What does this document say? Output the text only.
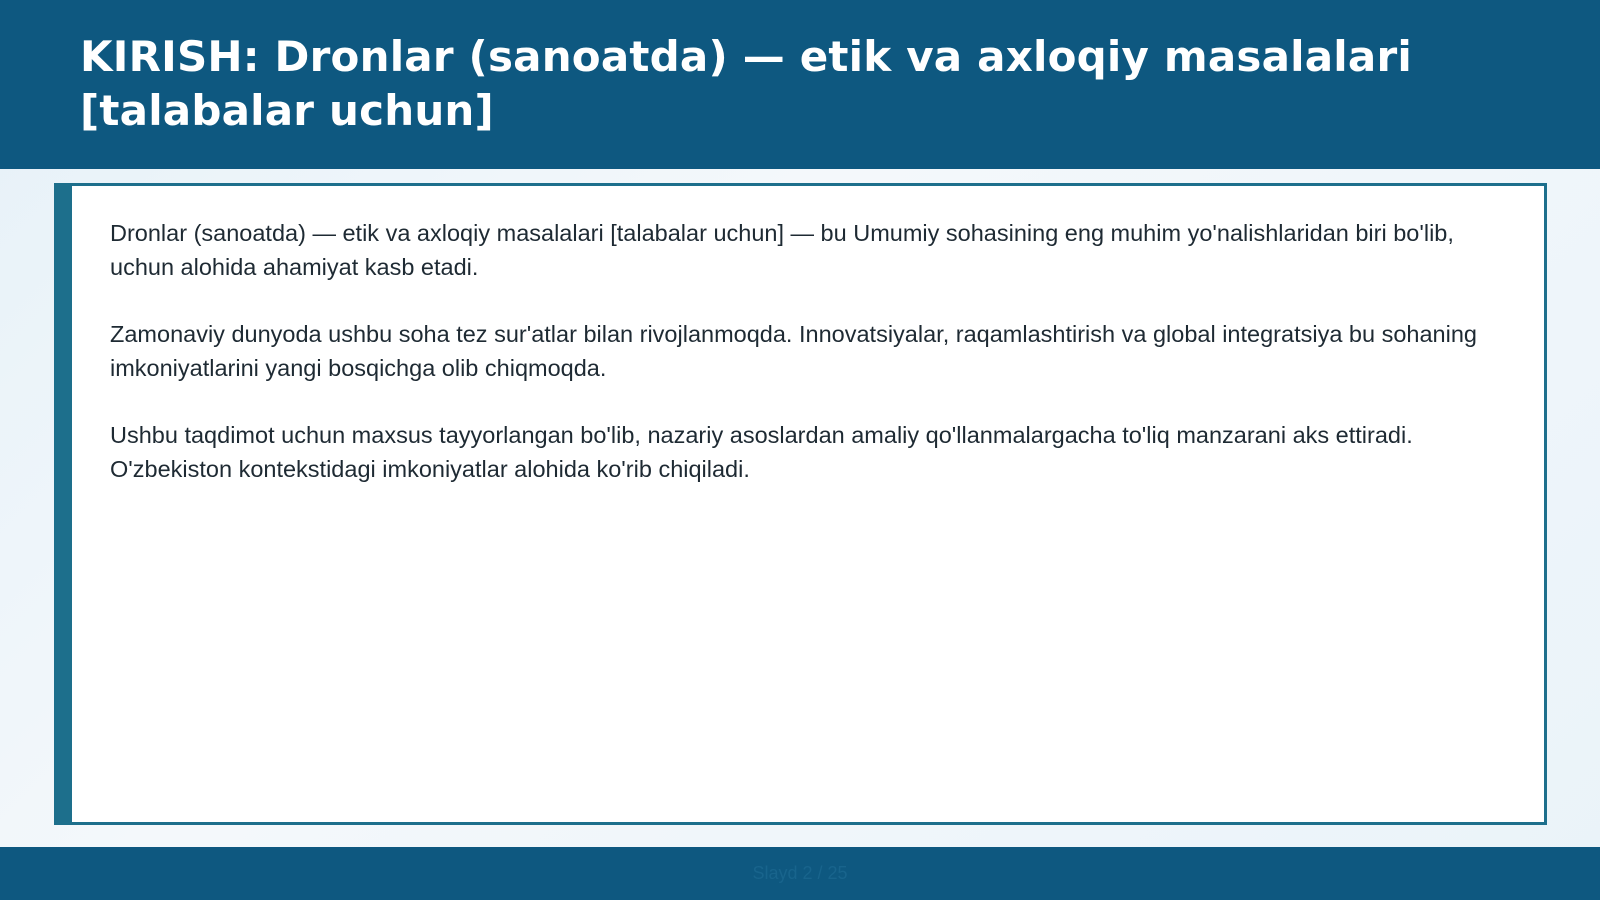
KIRISH: Dronlar (sanoatda) — etik va axloqiy masalalari [talabalar uchun]

Dronlar (sanoatda) — etik va axloqiy masalalari [talabalar uchun] — bu Umumiy sohasining eng muhim yo'nalishlaridan biri bo'lib, uchun alohida ahamiyat kasb etadi.

Zamonaviy dunyoda ushbu soha tez sur'atlar bilan rivojlanmoqda. Innovatsiyalar, raqamlashtirish va global integratsiya bu sohaning imkoniyatlarini yangi bosqichga olib chiqmoqda.

Ushbu taqdimot uchun maxsus tayyorlangan bo'lib, nazariy asoslardan amaliy qo'llanmalargacha to'liq manzarani aks ettiradi. O'zbekiston kontekstidagi imkoniyatlar alohida ko'rib chiqiladi.

Slayd 2 / 25
